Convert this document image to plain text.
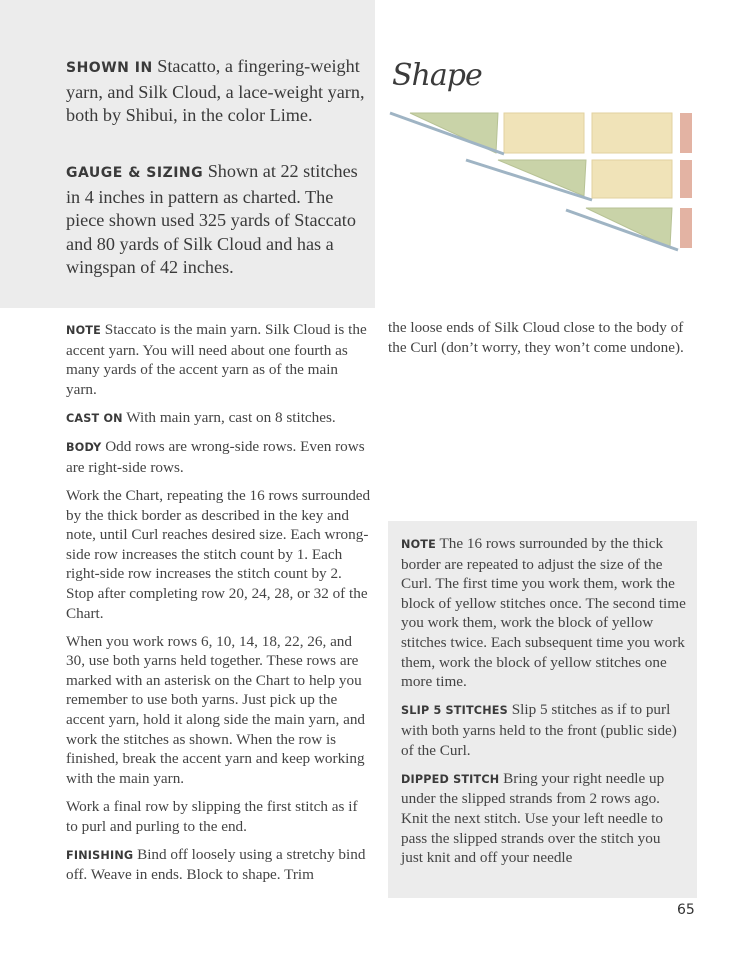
SHOWN IN Stacatto, a fingering-weight yarn, and Silk Cloud, a lace-weight yarn, both by Shibui, in the color Lime.

GAUGE & SIZING Shown at 22 stitches in 4 inches in pattern as charted. The piece shown used 325 yards of Staccato and 80 yards of Silk Cloud and has a wingspan of 42 inches.

Shape
NOTE Staccato is the main yarn. Silk Cloud is the accent yarn. You will need about one fourth as many yards of the accent yarn as of the main yarn.
CAST ON With main yarn, cast on 8 stitches.
BODY Odd rows are wrong-side rows. Even rows are right-side rows.
Work the Chart, repeating the 16 rows surrounded by the thick border as described in the key and note, until Curl reaches desired size. Each wrong-side row increases the stitch count by 1. Each right-side row increases the stitch count by 2. Stop after completing row 20, 24, 28, or 32 of the Chart.
When you work rows 6, 10, 14, 18, 22, 26, and 30, use both yarns held together. These rows are marked with an asterisk on the Chart to help you remember to use both yarns. Just pick up the accent yarn, hold it along side the main yarn, and work the stitches as shown. When the row is finished, break the accent yarn and keep working with the main yarn.
Work a final row by slipping the first stitch as if to purl and purling to the end.
FINISHING Bind off loosely using a stretchy bind off. Weave in ends. Block to shape. Trim
the loose ends of Silk Cloud close to the body of the Curl (don’t worry, they won’t come undone).
NOTE The 16 rows surrounded by the thick border are repeated to adjust the size of the Curl. The first time you work them, work the block of yellow stitches once. The second time you work them, work the block of yellow stitches twice. Each subsequent time you work them, work the block of yellow stitches one more time.
SLIP 5 STITCHES Slip 5 stitches as if to purl with both yarns held to the front (public side) of the Curl.
DIPPED STITCH Bring your right needle up under the slipped strands from 2 rows ago. Knit the next stitch. Use your left needle to pass the slipped strands over the stitch you just knit and off your needle
65
